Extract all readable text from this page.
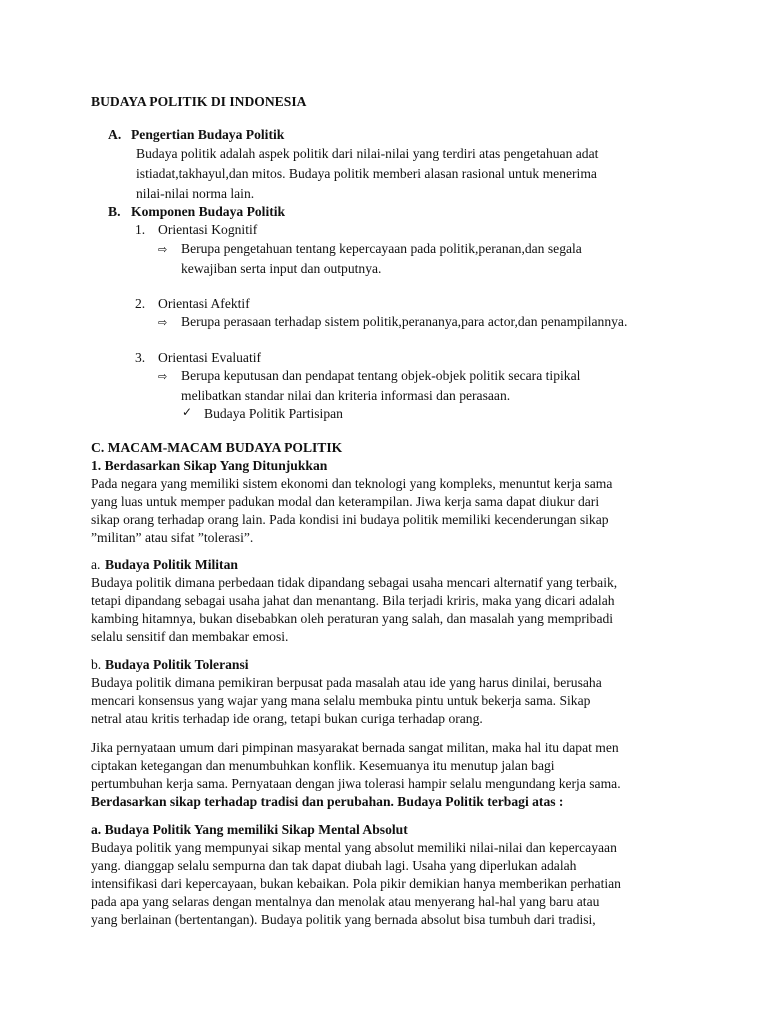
BUDAYA POLITIK DI INDONESIA
A. Pengertian Budaya Politik
Budaya politik adalah aspek politik dari nilai-nilai yang terdiri atas pengetahuan adat
istiadat,takhayul,dan mitos. Budaya politik memberi alasan rasional untuk menerima
nilai-nilai norma lain.
B. Komponen Budaya Politik
1. Orientasi Kognitif
⇨ Berupa pengetahuan tentang kepercayaan pada politik,peranan,dan segala
kewajiban serta input dan outputnya.
2. Orientasi Afektif
⇨ Berupa perasaan terhadap sistem politik,perananya,para actor,dan penampilannya.
3. Orientasi Evaluatif
⇨ Berupa keputusan dan pendapat tentang objek-objek politik secara tipikal
melibatkan standar nilai dan kriteria informasi dan perasaan.
✓ Budaya Politik Partisipan
C. MACAM-MACAM BUDAYA POLITIK
1. Berdasarkan Sikap Yang Ditunjukkan
Pada negara yang memiliki sistem ekonomi dan teknologi yang kompleks, menuntut kerja sama
yang luas untuk memper padukan modal dan keterampilan. Jiwa kerja sama dapat diukur dari
sikap orang terhadap orang lain. Pada kondisi ini budaya politik memiliki kecenderungan sikap
”militan” atau sifat ”tolerasi”.
a. Budaya Politik Militan
Budaya politik dimana perbedaan tidak dipandang sebagai usaha mencari alternatif yang terbaik,
tetapi dipandang sebagai usaha jahat dan menantang. Bila terjadi kriris, maka yang dicari adalah
kambing hitamnya, bukan disebabkan oleh peraturan yang salah, dan masalah yang mempribadi
selalu sensitif dan membakar emosi.
b. Budaya Politik Toleransi
Budaya politik dimana pemikiran berpusat pada masalah atau ide yang harus dinilai, berusaha
mencari konsensus yang wajar yang mana selalu membuka pintu untuk bekerja sama. Sikap
netral atau kritis terhadap ide orang, tetapi bukan curiga terhadap orang.
Jika pernyataan umum dari pimpinan masyarakat bernada sangat militan, maka hal itu dapat men
ciptakan ketegangan dan menumbuhkan konflik. Kesemuanya itu menutup jalan bagi
pertumbuhan kerja sama. Pernyataan dengan jiwa tolerasi hampir selalu mengundang kerja sama.
Berdasarkan sikap terhadap tradisi dan perubahan. Budaya Politik terbagi atas :
a. Budaya Politik Yang memiliki Sikap Mental Absolut
Budaya politik yang mempunyai sikap mental yang absolut memiliki nilai-nilai dan kepercayaan
yang. dianggap selalu sempurna dan tak dapat diubah lagi. Usaha yang diperlukan adalah
intensifikasi dari kepercayaan, bukan kebaikan. Pola pikir demikian hanya memberikan perhatian
pada apa yang selaras dengan mentalnya dan menolak atau menyerang hal-hal yang baru atau
yang berlainan (bertentangan). Budaya politik yang bernada absolut bisa tumbuh dari tradisi,
